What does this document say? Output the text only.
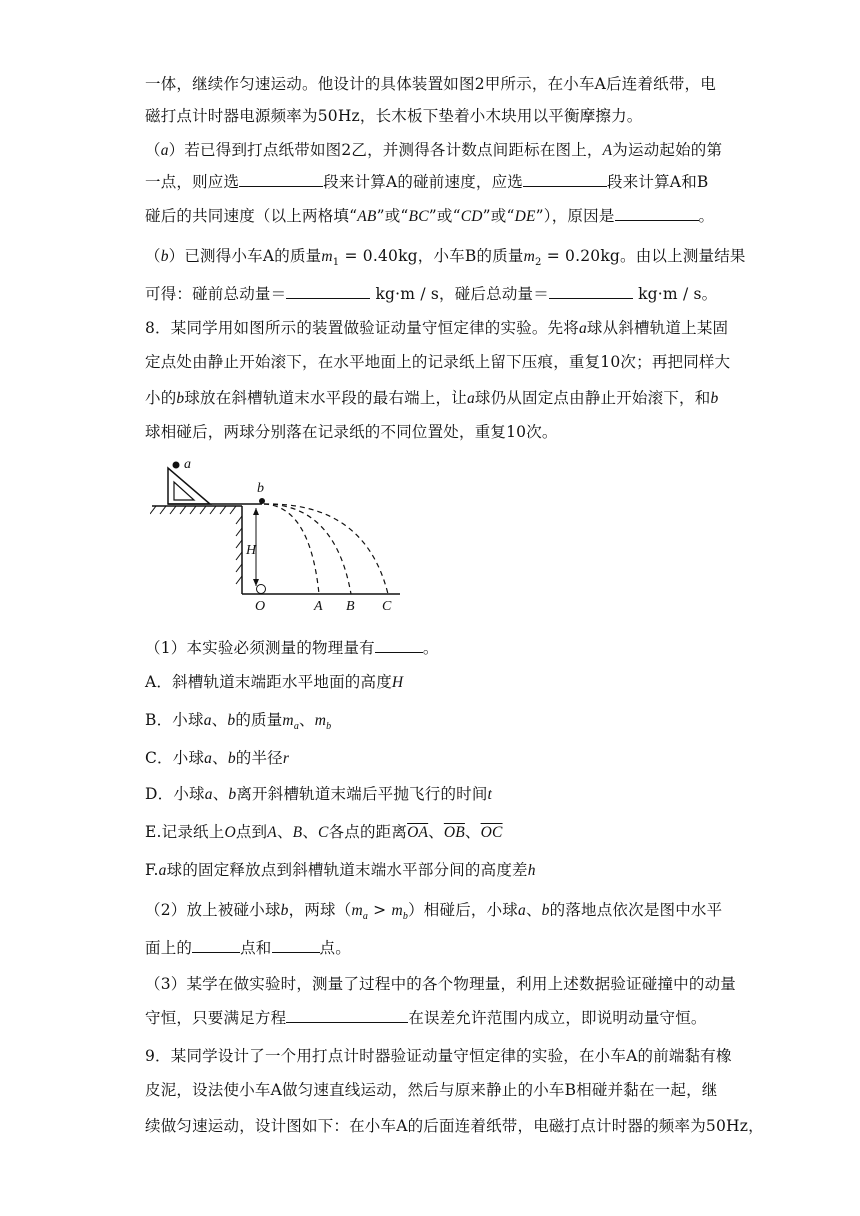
一体，继续作匀速运动。他设计的具体装置如图2甲所示，在小车A后连着纸带，电
磁打点计时器电源频率为50Hz，长木板下垫着小木块用以平衡摩擦力。
（a）若已得到打点纸带如图2乙，并测得各计数点间距标在图上，A为运动起始的第
一点，则应选	段来计算A的碰前速度，应选	段来计算A和B
碰后的共同速度（以上两格填“AB”或“BC”或“CD”或“DE”），原因是	。
（b）已测得小车A的质量$m_1 = 0.40kg$，小车B的质量$m_2 = 0.20kg$。由以上测量结果
可得：碰前总动量＝	kg·m / s，碰后总动量＝	kg·m / s。
8．某同学用如图所示的装置做验证动量守恒定律的实验。先将a球从斜槽轨道上某固
定点处由静止开始滚下，在水平地面上的记录纸上留下压痕，重复10次；再把同样大
小的b球放在斜槽轨道末水平段的最右端上，让a球仍从固定点由静止开始滚下，和b
球相碰后，两球分别落在记录纸的不同位置处，重复10次。
a
b
H
O	A B C
（1）本实验必须测量的物理量有	。
A．斜槽轨道末端距水平地面的高度H
B．小球a、b的质量$m_a$、$m_b$
C．小球a、b的半径r
D．小球a、b离开斜槽轨道末端后平抛飞行的时间t
E.记录纸上O点到A、B、C各点的距离$\overline{OA}$、$\overline{OB}$、$\overline{OC}$
F.a球的固定释放点到斜槽轨道末端水平部分间的高度差h
（2）放上被碰小球b，两球$(m_a > m_b)$相碰后，小球a、b的落地点依次是图中水平
面上的	点和	点。
（3）某学在做实验时，测量了过程中的各个物理量，利用上述数据验证碰撞中的动量
守恒，只要满足方程	在误差允许范围内成立，即说明动量守恒。
9．某同学设计了一个用打点计时器验证动量守恒定律的实验，在小车A的前端黏有橡
皮泥，设法使小车A做匀速直线运动，然后与原来静止的小车B相碰并黏在一起，继
续做匀速运动，设计图如下：在小车A的后面连着纸带，电磁打点计时器的频率为50Hz，
